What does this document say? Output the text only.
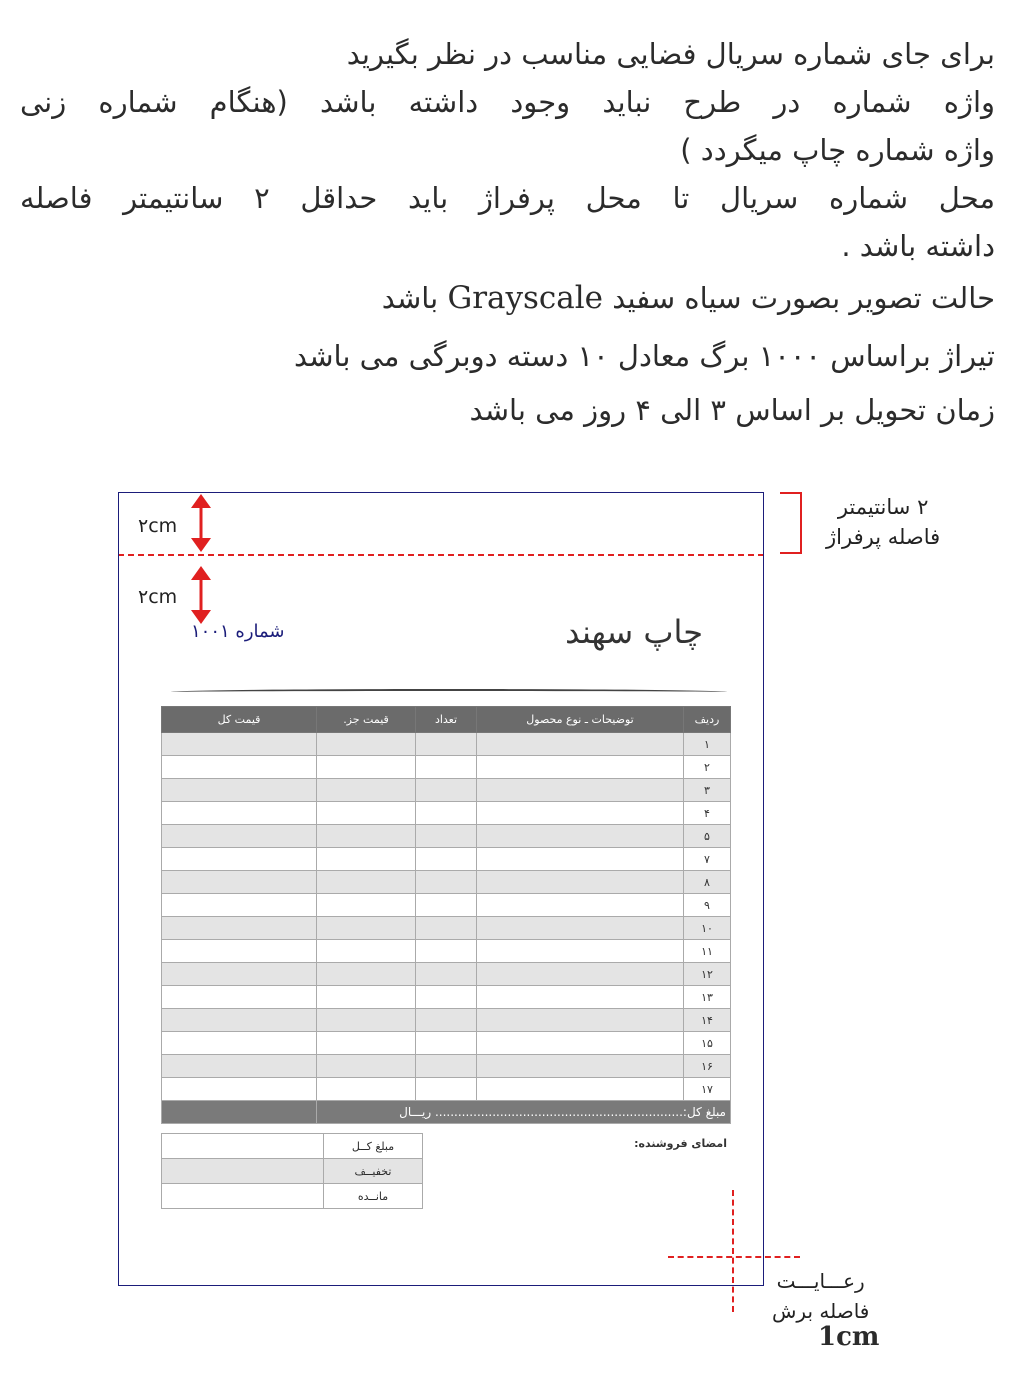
برای جای شماره سریال فضایی مناسب در نظر بگیرید
واژه شماره در طرح نباید وجود داشته باشد (هنگام شماره زنی
واژه شماره چاپ میگردد )
محل شماره سریال تا محل پرفراژ باید حداقل ۲ سانتیمتر فاصله
داشته باشد .
حالت تصویر بصورت سیاه سفید Grayscale باشد
تیراژ براساس ۱۰۰۰ برگ معادل ۱۰ دسته دوبرگی می باشد
زمان تحویل بر اساس ۳ الی ۴ روز می باشد
۲ سانتیمتر
فاصله پرفراژ
۲cm
۲cm
چاپ سهند
شماره ۱۰۰۱
ردیف	توضیحات ـ نوع محصول	تعداد	قیمت جز.	قیمت کل
۱				
۲				
۳				
۴				
۵				
۷				
۸				
۹				
۱۰				
۱۱				
۱۲				
۱۳				
۱۴				
۱۵				
۱۶				
۱۷				
مبلغ کل:................................................................. ریـــال				
امضای فروشنده:
مبلغ کــل	
تخفیــف	
مانــده	
رعـــایـــت
فاصله برش
1cm
